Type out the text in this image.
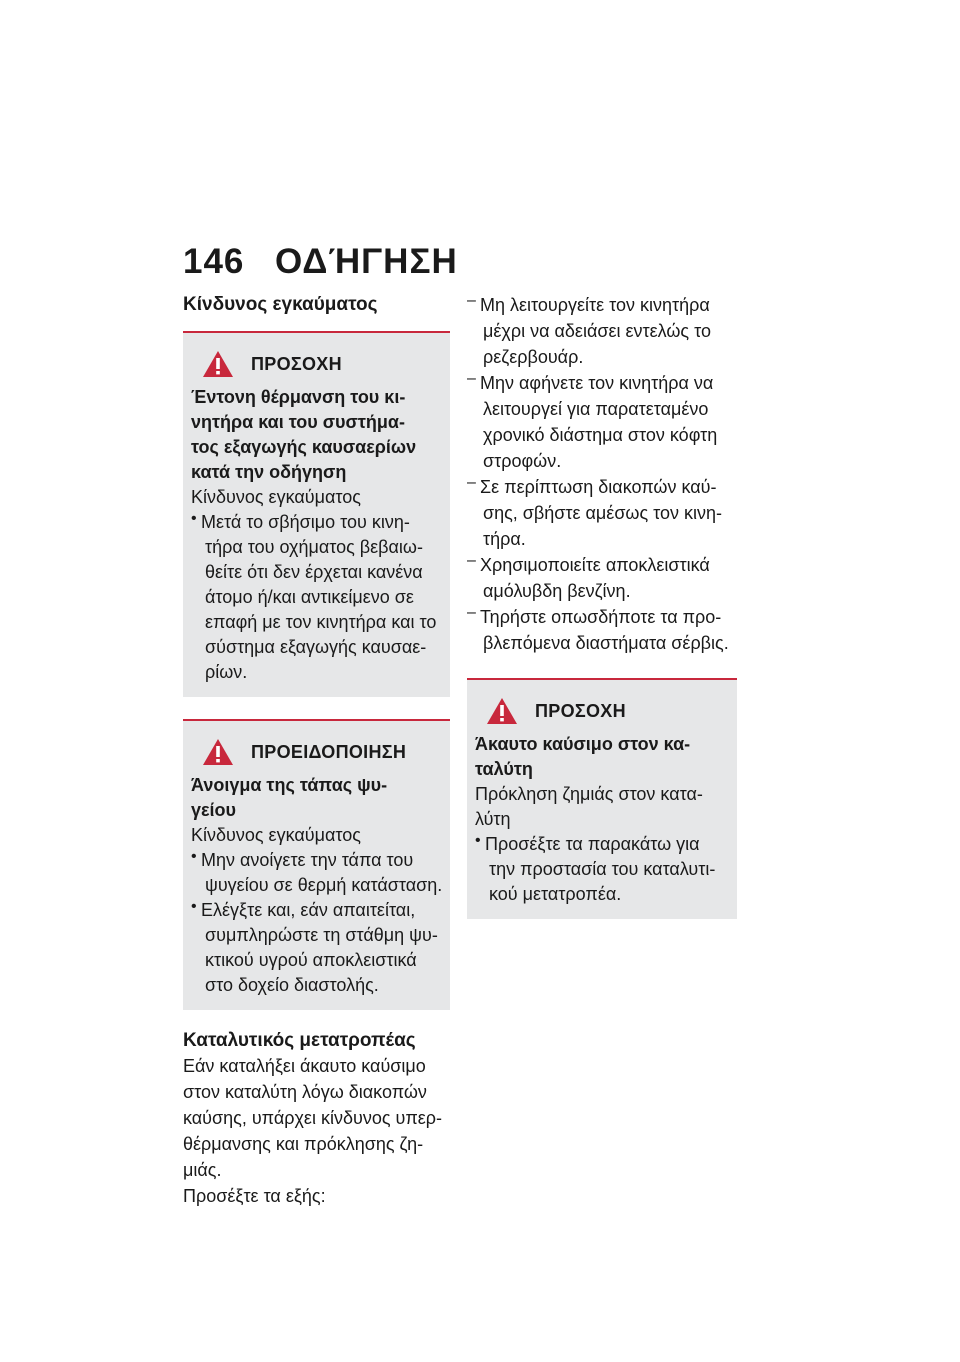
146 ΟΔΉΓΗΣΗ

Κίνδυνος εγκαύματος

ΠΡΟΣΟΧΗ

Έντονη θέρμανση του κι-

νητήρα και του συστήμα-

τος εξαγωγής καυσαερίων

κατά την οδήγηση

Κίνδυνος εγκαύματος

• Μετά το σβήσιμο του κινη-

τήρα του οχήματος βεβαιω-

θείτε ότι δεν έρχεται κανένα

άτομο ή/και αντικείμενο σε

επαφή με τον κινητήρα και το

σύστημα εξαγωγής καυσαε-

ρίων.

ΠΡΟΕΙΔΟΠΟΙΗΣΗ

Άνοιγμα της τάπας ψυ-

γείου

Κίνδυνος εγκαύματος

• Μην ανοίγετε την τάπα του

ψυγείου σε θερμή κατάσταση.

• Ελέγξτε και, εάν απαιτείται,

συμπληρώστε τη στάθμη ψυ-

κτικού υγρού αποκλειστικά

στο δοχείο διαστολής.

Καταλυτικός μετατροπέας

Εάν καταλήξει άκαυτο καύσιμο

στον καταλύτη λόγω διακοπών

καύσης, υπάρχει κίνδυνος υπερ-

θέρμανσης και πρόκλησης ζη-

μιάς.

Προσέξτε τα εξής:

– Μη λειτουργείτε τον κινητήρα

μέχρι να αδειάσει εντελώς το

ρεζερβουάρ.

– Μην αφήνετε τον κινητήρα να

λειτουργεί για παρατεταμένο

χρονικό διάστημα στον κόφτη

στροφών.

– Σε περίπτωση διακοπών καύ-

σης, σβήστε αμέσως τον κινη-

τήρα.

– Χρησιμοποιείτε αποκλειστικά

αμόλυβδη βενζίνη.

– Τηρήστε οπωσδήποτε τα προ-

βλεπόμενα διαστήματα σέρβις.

ΠΡΟΣΟΧΗ

Άκαυτο καύσιμο στον κα-

ταλύτη

Πρόκληση ζημιάς στον κατα-

λύτη

• Προσέξτε τα παρακάτω για

την προστασία του καταλυτι-

κού μετατροπέα.
